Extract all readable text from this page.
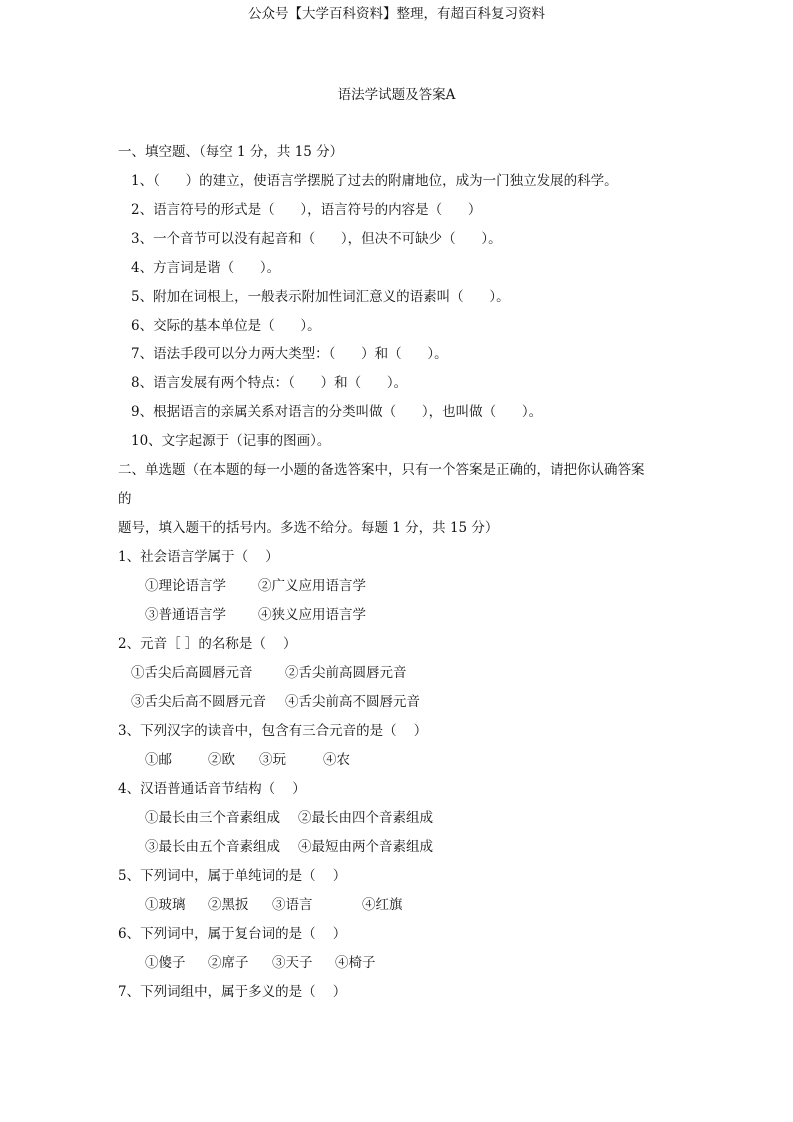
公众号【大学百科资料】整理，有超百科复习资料
语法学试题及答案A
一、填空题、（每空 1 分，共 15 分）
1、（      ）的建立，使语言学摆脱了过去的附庸地位，成为一门独立发展的科学。
2、语言符号的形式是（      ），语言符号的内容是（      ）
3、一个音节可以没有起音和（      ），但决不可缺少（      ）。
4、方言词是谐（      ）。
5、附加在词根上，一般表示附加性词汇意义的语素叫（      ）。
6、交际的基本单位是（      ）。
7、语法手段可以分力两大类型：（      ）和（      ）。
8、语言发展有两个特点：（      ）和（      ）。
9、根据语言的亲属关系对语言的分类叫做（      ），也叫做（      ）。
10、文字起源于（记事的图画）。
二、单选题（在本题的每一小题的备选答案中，只有一个答案是正确的，请把你认确答案
的
题号，填入题干的括号内。多选不给分。每题 1 分，共 15 分）
1、社会语言学属于（    ）
①理论语言学 ②广义应用语言学
③普通语言学 ④狭义应用语言学
2、元音［ ］的名称是（    ）
①舌尖后高圆唇元音 ②舌尖前高圆唇元音
③舌尖后高不圆唇元音 ④舌尖前高不圆唇元音
3、下列汉字的读音中，包含有三合元音的是（    ）
①邮	②欧 ③玩	④农
4、汉语普通话音节结构（    ）
①最长由三个音素组成 ②最长由四个音素组成
③最长由五个音素组成 ④最短由两个音素组成
5、下列词中，属于单纯词的是（    ）
①玻璃 ②黑扳 ③语言	④红旗
6、下列词中，属于复台词的是（    ）
①傻子 ②席子 ③天子 ④椅子
7、下列词组中，属于多义的是（    ）
